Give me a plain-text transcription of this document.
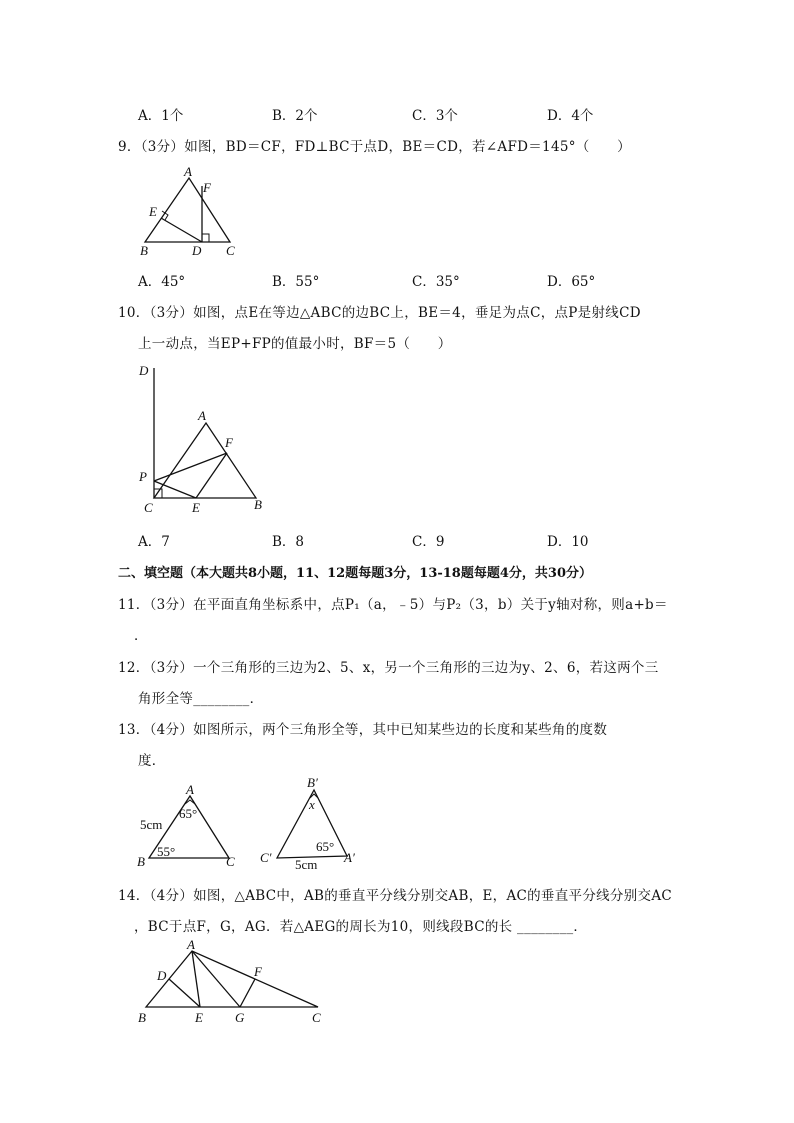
A．1个	B．2个	C．3个	D．4个
9．（3分）如图，BD＝CF，FD⊥BC于点D，BE＝CD，若∠AFD＝145°（　　）
A
F
E
B	D C
A．45°	B．55°	C．35°	D．65°
10．（3分）如图，点E在等边△ABC的边BC上，BE＝4，垂足为点C，点P是射线CD
上一动点，当EP+FP的值最小时，BF＝5（　　）
D
A
F
P
C	E	B
A．7	B．8	C．9	D．10
二、填空题（本大题共8小题，11、12题每题3分，13-18题每题4分，共30分）
11．（3分）在平面直角坐标系中，点P₁（a，﹣5）与P₂（3，b）关于y轴对称，则a+b＝
．
12．（3分）一个三角形的三边为2、5、x，另一个三角形的三边为y、2、6，若这两个三
角形全等________．
13．（4分）如图所示，两个三角形全等，其中已知某些边的长度和某些角的度数
度．
A
65°
5cm
55°
B	C
B′
x
65°
C′	A′
5cm
14．（4分）如图，△ABC中，AB的垂直平分线分别交AB，E，AC的垂直平分线分别交AC
，BC于点F，G，AG．若△AEG的周长为10，则线段BC的长 ________．
A
D	F
B	E G	C
